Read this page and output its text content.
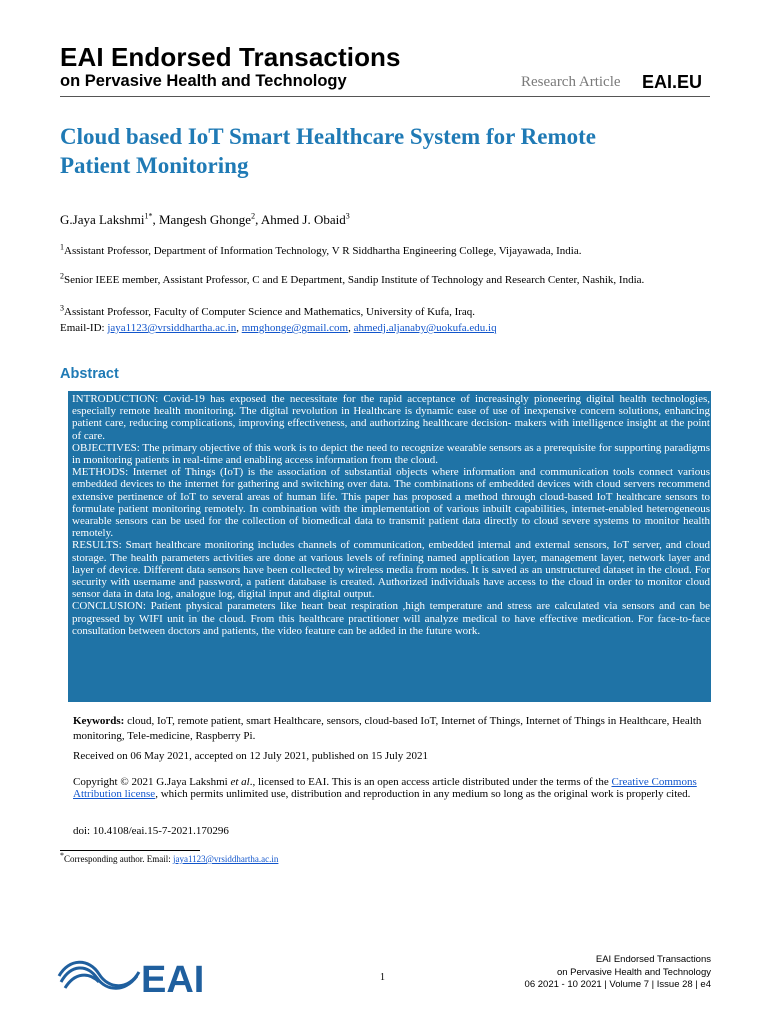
EAI Endorsed Transactions
on Pervasive Health and Technology	Research Article EAI.EU
Cloud based IoT Smart Healthcare System for Remote
Patient Monitoring
G.Jaya Lakshmi$^{1*}$, Mangesh Ghonge$^2$, Ahmed J. Obaid$^3$
$^1$Assistant Professor, Department of Information Technology, V R Siddhartha Engineering College, Vijayawada, India.
$^2$Senior IEEE member, Assistant Professor, C and E Department, Sandip Institute of Technology and Research Center, Nashik, India.
$^3$Assistant Professor, Faculty of Computer Science and Mathematics, University of Kufa, Iraq.
Email-ID: jaya1123@vrsiddhartha.ac.in, mmghonge@gmail.com, ahmedj.aljanaby@uokufa.edu.iq
Abstract

INTRODUCTION: Covid-19 has exposed the necessitate for the rapid acceptance of increasingly pioneering digital health technologies, especially remote health monitoring. The digital revolution in Healthcare is dynamic ease of use of inexpensive concern solutions, enhancing patient care, reducing complications, improving effectiveness, and authorizing healthcare decision- makers with intelligence insight at the point of care.

OBJECTIVES: The primary objective of this work is to depict the need to recognize wearable sensors as a prerequisite for supporting paradigms in monitoring patients in real-time and enabling access information from the cloud.

METHODS: Internet of Things (IoT) is the association of substantial objects where information and communication tools connect various embedded devices to the internet for gathering and switching over data. The combinations of embedded devices with cloud servers recommend extensive pertinence of IoT to several areas of human life. This paper has proposed a method through cloud-based IoT healthcare sensors to formulate patient monitoring remotely. In combination with the implementation of various inbuilt capabilities, internet-enabled heterogeneous wearable sensors can be used for the collection of biomedical data to transmit patient data directly to cloud severe systems to monitor health remotely.

RESULTS: Smart healthcare monitoring includes channels of communication, embedded internal and external sensors, IoT server, and cloud storage. The health parameters activities are done at various levels of refining named application layer, management layer, network layer and layer of device. Different data sensors have been collected by wireless media from nodes. It is saved as an unstructured dataset in the cloud. For security with username and password, a patient database is created. Authorized individuals have access to the cloud in order to monitor cloud sensor data in data log, analogue log, digital input and digital output.

CONCLUSION: Patient physical parameters like heart beat respiration ,high temperature and stress are calculated via sensors and can be progressed by WIFI unit in the cloud. From this healthcare practitioner will analyze medical to have effective medication. For face-to-face consultation between doctors and patients, the video feature can be added in the future work.

Keywords: cloud, IoT, remote patient, smart Healthcare, sensors, cloud-based IoT, Internet of Things, Internet of Things in Healthcare, Health monitoring, Tele-medicine, Raspberry Pi.
Received on 06 May 2021, accepted on 12 July 2021, published on 15 July 2021
Copyright © 2021 G.Jaya Lakshmi et al., licensed to EAI. This is an open access article distributed under the terms of the Creative Commons Attribution license, which permits unlimited use, distribution and reproduction in any medium so long as the original work is properly cited.
doi: 10.4108/eai.15-7-2021.170296
*Corresponding author. Email: jaya1123@vrsiddhartha.ac.in
EAI	1
EAI Endorsed Transactions
on Pervasive Health and Technology
06 2021 - 10 2021 | Volume 7 | Issue 28 | e4
